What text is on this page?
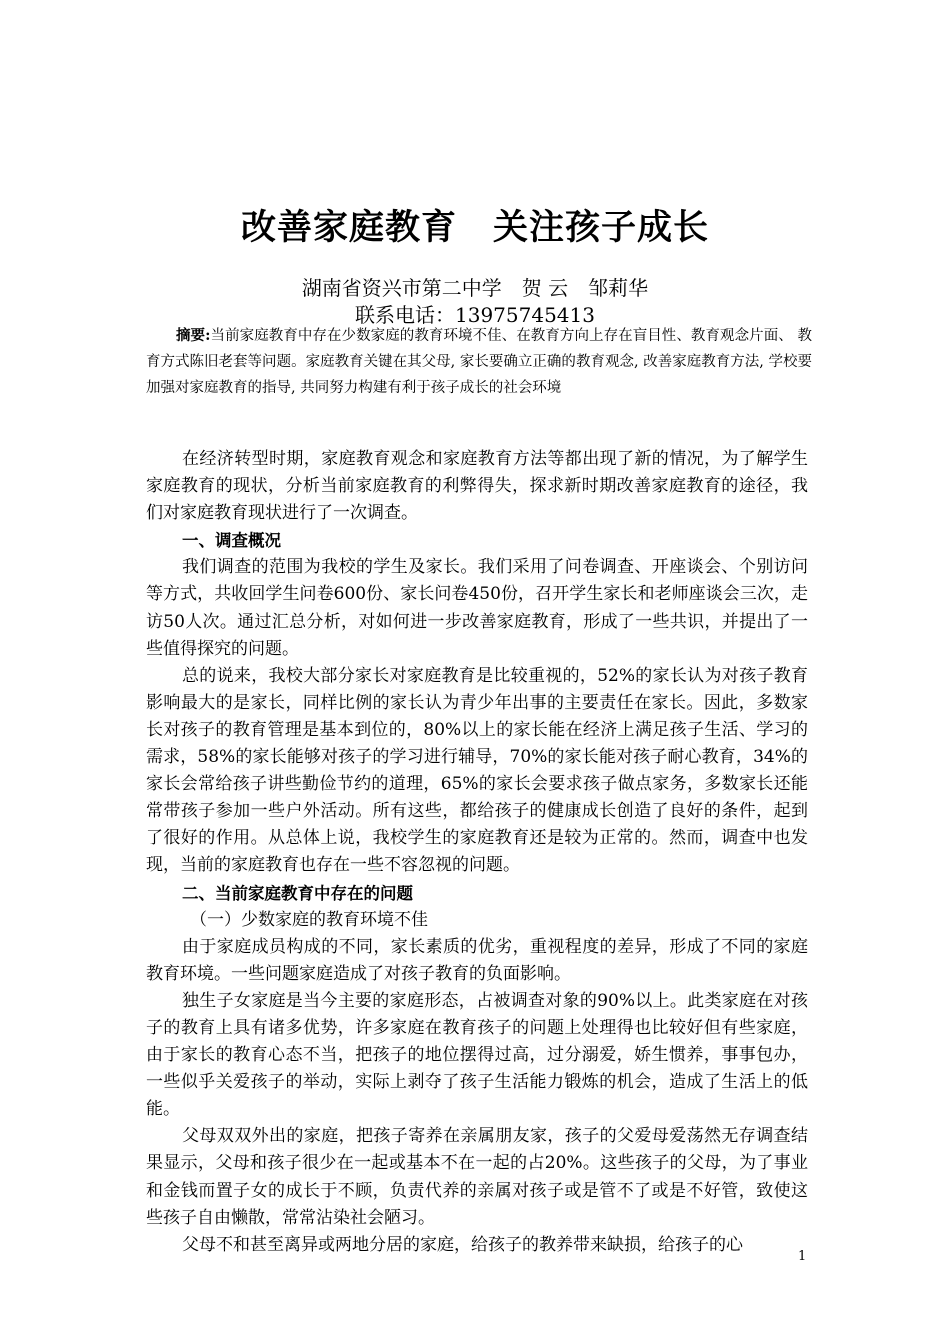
改善家庭教育　关注孩子成长
湖南省资兴市第二中学　贺 云　邹莉华
联系电话：13975745413
摘要:当前家庭教育中存在少数家庭的教育环境不佳、在教育方向上存在盲目性、教育观念片面、 教育方式陈旧老套等问题。家庭教育关键在其父母, 家长要确立正确的教育观念, 改善家庭教育方法, 学校要加强对家庭教育的指导, 共同努力构建有利于孩子成长的社会环境

在经济转型时期，家庭教育观念和家庭教育方法等都出现了新的情况，为了解学生家庭教育的现状，分析当前家庭教育的利弊得失，探求新时期改善家庭教育的途径，我们对家庭教育现状进行了一次调查。

一、调查概况

我们调查的范围为我校的学生及家长。我们采用了问卷调查、开座谈会、个别访问等方式，共收回学生问卷600份、家长问卷450份，召开学生家长和老师座谈会三次，走访50人次。通过汇总分析，对如何进一步改善家庭教育，形成了一些共识，并提出了一些值得探究的问题。

总的说来，我校大部分家长对家庭教育是比较重视的，52%的家长认为对孩子教育影响最大的是家长，同样比例的家长认为青少年出事的主要责任在家长。因此，多数家长对孩子的教育管理是基本到位的，80%以上的家长能在经济上满足孩子生活、学习的需求，58%的家长能够对孩子的学习进行辅导，70%的家长能对孩子耐心教育，34%的家长会常给孩子讲些勤俭节约的道理，65%的家长会要求孩子做点家务，多数家长还能常带孩子参加一些户外活动。所有这些，都给孩子的健康成长创造了良好的条件，起到了很好的作用。从总体上说，我校学生的家庭教育还是较为正常的。然而，调查中也发现，当前的家庭教育也存在一些不容忽视的问题。

二、当前家庭教育中存在的问题

（一）少数家庭的教育环境不佳

由于家庭成员构成的不同，家长素质的优劣，重视程度的差异，形成了不同的家庭教育环境。一些问题家庭造成了对孩子教育的负面影响。

独生子女家庭是当今主要的家庭形态，占被调查对象的90%以上。此类家庭在对孩子的教育上具有诸多优势，许多家庭在教育孩子的问题上处理得也比较好但有些家庭，由于家长的教育心态不当，把孩子的地位摆得过高，过分溺爱，娇生惯养，事事包办，一些似乎关爱孩子的举动，实际上剥夺了孩子生活能力锻炼的机会，造成了生活上的低能。

父母双双外出的家庭，把孩子寄养在亲属朋友家，孩子的父爱母爱荡然无存调查结果显示，父母和孩子很少在一起或基本不在一起的占20%。这些孩子的父母，为了事业和金钱而置子女的成长于不顾，负责代养的亲属对孩子或是管不了或是不好管，致使这些孩子自由懒散，常常沾染社会陋习。

父母不和甚至离异或两地分居的家庭，给孩子的教养带来缺损，给孩子的心

1
